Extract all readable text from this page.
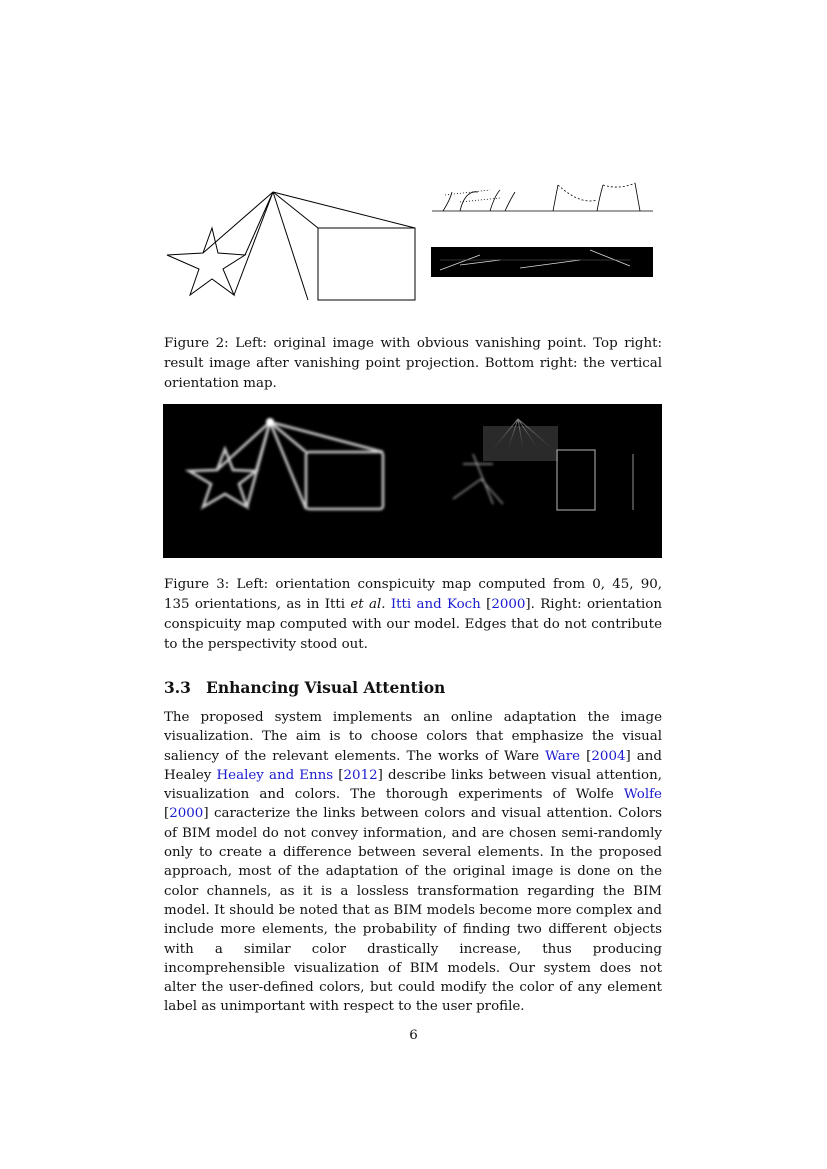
Figure 2: Left: original image with obvious vanishing point. Top right: result image after vanishing point projection. Bottom right: the vertical orientation map.
Figure 3: Left: orientation conspicuity map computed from 0, 45, 90, 135 orientations, as in Itti et al. Itti and Koch [2000]. Right: orientation conspicuity map computed with our model. Edges that do not contribute to the perspectivity stood out.
3.3 Enhancing Visual Attention
The proposed system implements an online adaptation the image visualization. The aim is to choose colors that emphasize the visual saliency of the relevant elements. The works of Ware Ware [2004] and Healey Healey and Enns [2012] describe links between visual attention, visualization and colors. The thorough experiments of Wolfe Wolfe [2000] caracterize the links between colors and visual attention. Colors of BIM model do not convey information, and are chosen semi-randomly only to create a difference between several elements. In the proposed approach, most of the adaptation of the original image is done on the color channels, as it is a lossless transformation regarding the BIM model. It should be noted that as BIM models become more complex and include more elements, the probability of finding two different objects with a similar color drastically increase, thus producing incomprehensible visualization of BIM models. Our system does not alter the user-defined colors, but could modify the color of any element label as unimportant with respect to the user profile.
6
